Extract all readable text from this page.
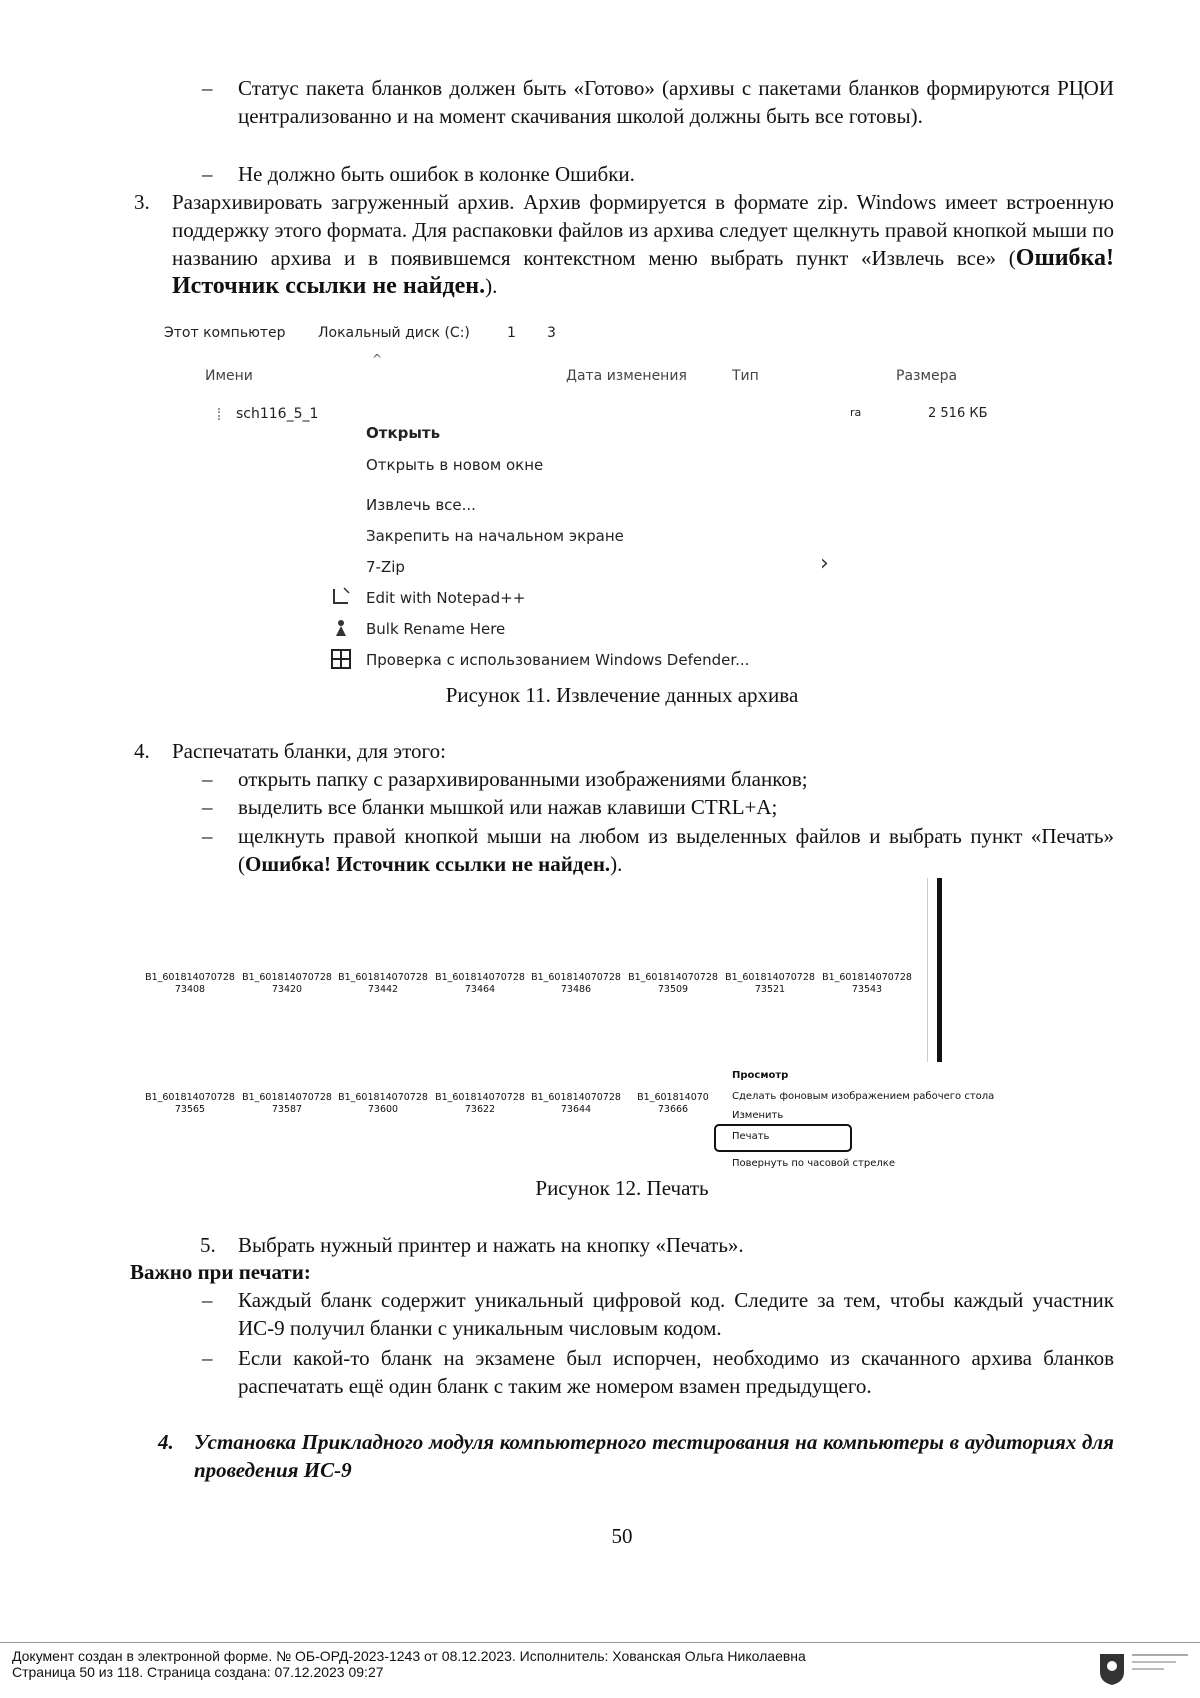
– Статус пакета бланков должен быть «Готово» (архивы с пакетами бланков формируются РЦОИ централизованно и на момент скачивания школой должны быть все готовы).
– Не должно быть ошибок в колонке Ошибки.
3. Разархивировать загруженный архив. Архив формируется в формате zip. Windows имеет встроенную поддержку этого формата. Для распаковки файлов из архива следует щелкнуть правой кнопкой мыши по названию архива и в появившемся контекстном меню выбрать пункт «Извлечь все» (Ошибка! Источник ссылки не найден.).
Этот компьютер Локальный диск (C:)	1 3
^
Имени	Дата изменения	Тип	Размера
sch116_5_1	rа	2 516 КБ
Открыть
Открыть в новом окне
Извлечь все...
Закрепить на начальном экране
7-Zip	›
Edit with Notepad++
Bulk Rename Here
Проверка с использованием Windows Defender...
Рисунок 11. Извлечение данных архива
4. Распечатать бланки, для этого:
– открыть папку с разархивированными изображениями бланков;
– выделить все бланки мышкой или нажав клавиши CTRL+A;
– щелкнуть правой кнопкой мыши на любом из выделенных файлов и выбрать пункт «Печать» (Ошибка! Источник ссылки не найден.).
B1_601814070728
73408
B1_601814070728
73420
B1_601814070728
73442
B1_601814070728
73464
B1_601814070728
73486
B1_601814070728
73509
B1_601814070728
73521
B1_601814070728
73543
B1_601814070728
73565
B1_601814070728
73587
B1_601814070728
73600
B1_601814070728
73622
B1_601814070728
73644
B1_601814070
73666
Просмотр
Сделать фоновым изображением рабочего стола
Изменить
Печать
Повернуть по часовой стрелке
Рисунок 12. Печать
5. Выбрать нужный принтер и нажать на кнопку «Печать».
Важно при печати:
– Каждый бланк содержит уникальный цифровой код. Следите за тем, чтобы каждый участник ИС-9 получил бланки с уникальным числовым кодом.
– Если какой-то бланк на экзамене был испорчен, необходимо из скачанного архива бланков распечатать ещё один бланк с таким же номером взамен предыдущего.
4. Установка Прикладного модуля компьютерного тестирования на компьютеры в аудиториях для проведения ИС-9
50
Документ создан в электронной форме. № ОБ-ОРД-2023-1243 от 08.12.2023. Исполнитель: Хованская Ольга Николаевна
Страница 50 из 118. Страница создана: 07.12.2023 09:27
